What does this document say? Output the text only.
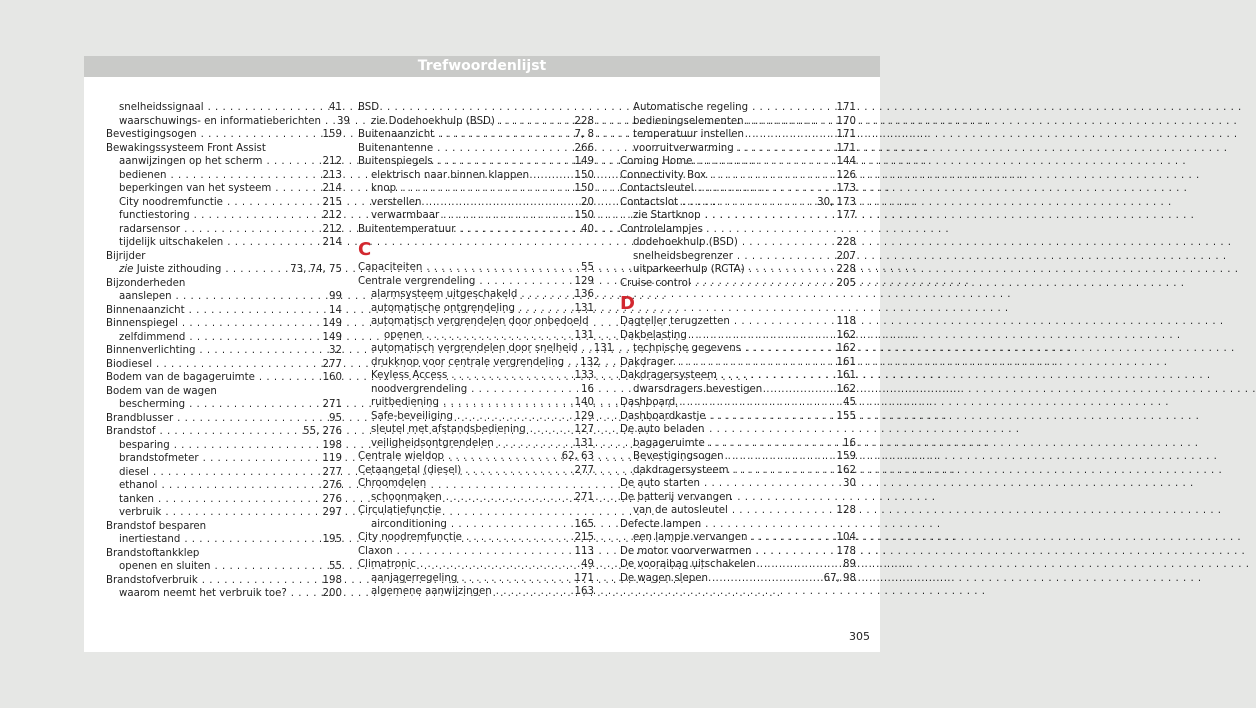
Trefwoordenlijst
snelheidssignaal . . .	41
waarschuwings- en informatieberichten . . . 39
Bevestigingsogen . . .	159
Bewakingssysteem Front Assist
aanwijzingen op het scherm . . .	212
bedienen . . .	213
beperkingen van het systeem . . .	214
City noodremfunctie . . .	215
functiestoring . . .	212
radarsensor . . .	212
tijdelijk uitschakelen . . .	214
Bijrijder
zie Juiste zithouding . . .	73, 74, 75
Bijzonderheden
aanslepen . . .	99
Binnenaanzicht . . .	14
Binnenspiegel . . .	149
zelfdimmend . . .	149
Binnenverlichting . . .	32
Biodiesel . . .	277
Bodem van de bagageruimte . . .	160
Bodem van de wagen
bescherming . . .	271
Brandblusser . . .	95
Brandstof . . .	55, 276
besparing . . .	198
brandstofmeter . . .	119
diesel . . .	277
ethanol . . .	276
tanken . . .	276
verbruik . . .	297
Brandstof besparen
inertiestand . . .	195
Brandstoftankklep
openen en sluiten . . .	55
Brandstofverbruik . . .	198
waarom neemt het verbruik toe? . . .	200
BSD
zie Dodehoekhulp (BSD) . . .	228
Buitenaanzicht . . .	7, 8
Buitenantenne . . .	266
Buitenspiegels . . .	149
elektrisch naar binnen klappen . . .	150
knop . . .	150
verstellen . . .	20
verwarmbaar . . .	150
Buitentemperatuur . . .	40
C
Capaciteiten . . .	55
Centrale vergrendeling . . .	129
alarmsysteem uitgeschakeld . . .	136
automatische ontgrendeling . . .	131
automatisch vergrendelen door onbedoeld
openen . . .	131
automatisch vergrendelen door snelheid . . . 131
drukknop voor centrale vergrendeling . . . 132
Keyless Access . . .	133
noodvergrendeling . . .	16
ruitbediening . . .	140
Safe-beveiliging . . .	129
sleutel met afstandsbediening . . .	127
veiligheidsontgrendelen . . .	131
Centrale wieldop . . .	62, 63
Cetaangetal (diesel) . . .	277
Chroomdelen
schoonmaken . . .	271
Circulatiefunctie
airconditioning . . .	165
City noodremfunctie . . .	215
Claxon . . .	113
Climatronic . . .	49
aanjagerregeling . . .	171
algemene aanwijzingen . . .	163
Automatische regeling . . .	171
bedieningselementen . . .	170
temperatuur instellen . . .	171
voorruitverwarming . . .	171
Coming Home . . .	144
Connectivity Box . . .	126
Contactsleutel . . .	173
Contactslot . . .	30, 173
zie Startknop . . .	177
Controlelampjes
dodehoekhulp (BSD) . . .	228
snelheidsbegrenzer . . .	207
uitparkeerhulp (RCTA) . . .	228
Cruise control . . .	205
D
Dagteller terugzetten . . .	118
Dakbelasting . . .	162
technische gegevens . . .	162
Dakdrager . . .	161
Dakdragersysteem . . .	161
dwarsdragers bevestigen . . .	162
Dashboard . . .	45
Dashboardkastje . . .	155
De auto beladen
bagageruimte . . .	16
Bevestigingsogen . . .	159
dakdragersysteem . . .	162
De auto starten . . .	30
De batterij vervangen
van de autosleutel . . .	128
Defecte lampen
een lampje vervangen . . .	104
De motor voorverwarmen . . .	178
De vooraibag uitschakelen . . .	89
De wagen slepen . . .	67, 98
305
